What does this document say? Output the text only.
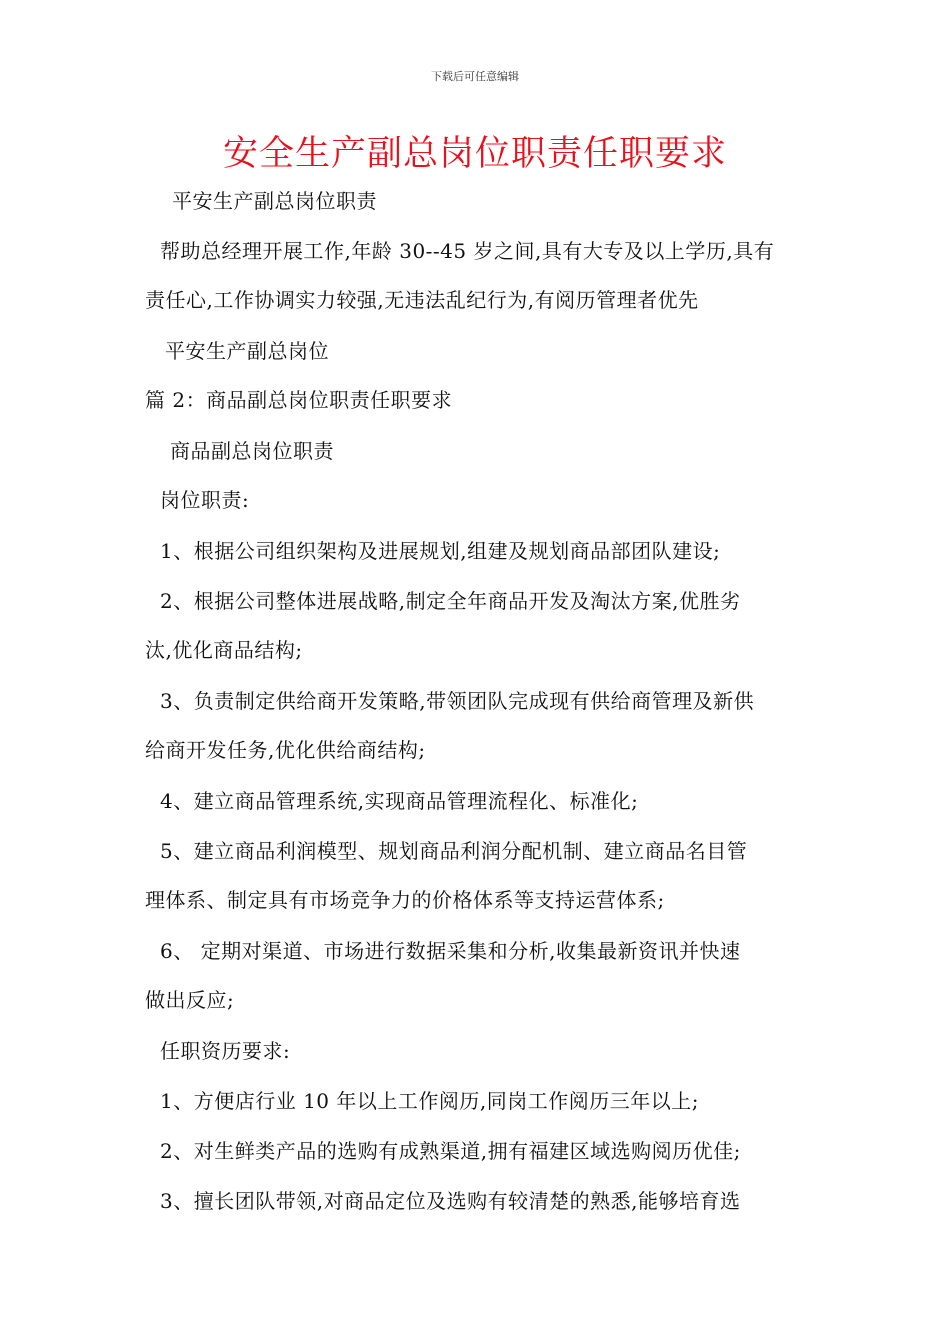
下载后可任意编辑
安全生产副总岗位职责任职要求
平安生产副总岗位职责
帮助总经理开展工作,年龄 30--45 岁之间,具有大专及以上学历,具有
责任心,工作协调实力较强,无违法乱纪行为,有阅历管理者优先
平安生产副总岗位
篇 2：商品副总岗位职责任职要求
商品副总岗位职责
岗位职责:
1、根据公司组织架构及进展规划,组建及规划商品部团队建设;
2、根据公司整体进展战略,制定全年商品开发及淘汰方案,优胜劣
汰,优化商品结构;
3、负责制定供给商开发策略,带领团队完成现有供给商管理及新供
给商开发任务,优化供给商结构;
4、建立商品管理系统,实现商品管理流程化、标准化;
5、建立商品利润模型、规划商品利润分配机制、建立商品名目管
理体系、制定具有市场竞争力的价格体系等支持运营体系;
6、 定期对渠道、市场进行数据采集和分析,收集最新资讯并快速
做出反应;
任职资历要求:
1、方便店行业 10 年以上工作阅历,同岗工作阅历三年以上;
2、对生鲜类产品的选购有成熟渠道,拥有福建区域选购阅历优佳;
3、擅长团队带领,对商品定位及选购有较清楚的熟悉,能够培育选
